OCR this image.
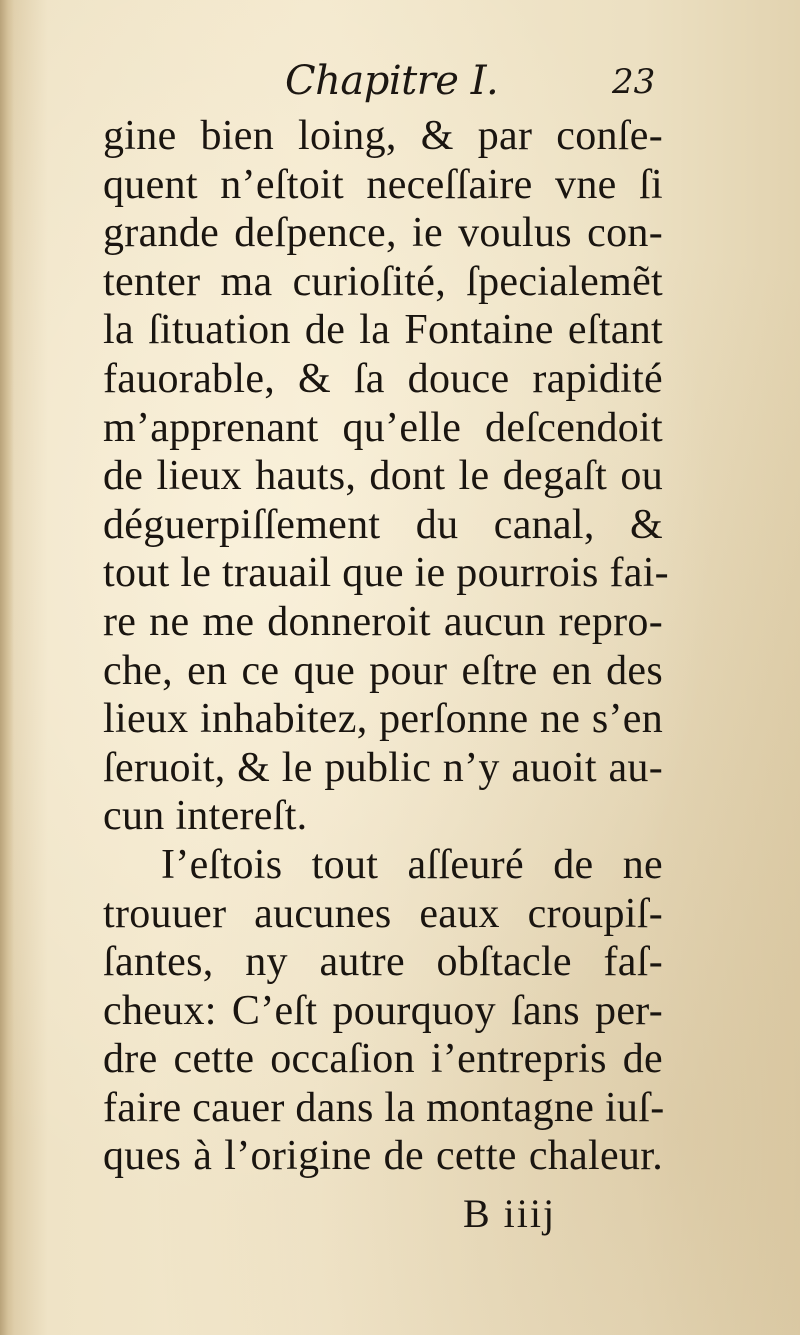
Chapitre I.	23
gine bien loing, & par conſe-
quent n’eſtoit neceſſaire vne ſi
grande deſpence, ie voulus con-
tenter ma curioſité, ſpecialemẽt
la ſituation de la Fontaine eſtant
fauorable, & ſa douce rapidité
m’apprenant qu’elle deſcendoit
de lieux hauts, dont le degaſt ou
déguerpiſſement du canal, &
tout le trauail que ie pourrois fai-
re ne me donneroit aucun repro-
che, en ce que pour eſtre en des
lieux inhabitez, perſonne ne s’en
ſeruoit, & le public n’y auoit au-
cun intereſt.
I’eſtois tout aſſeuré de ne
trouuer aucunes eaux croupiſ-
ſantes, ny autre obſtacle faſ-
cheux: C’eſt pourquoy ſans per-
dre cette occaſion i’entrepris de
faire cauer dans la montagne iuſ-
ques à l’origine de cette chaleur.
B iiij
